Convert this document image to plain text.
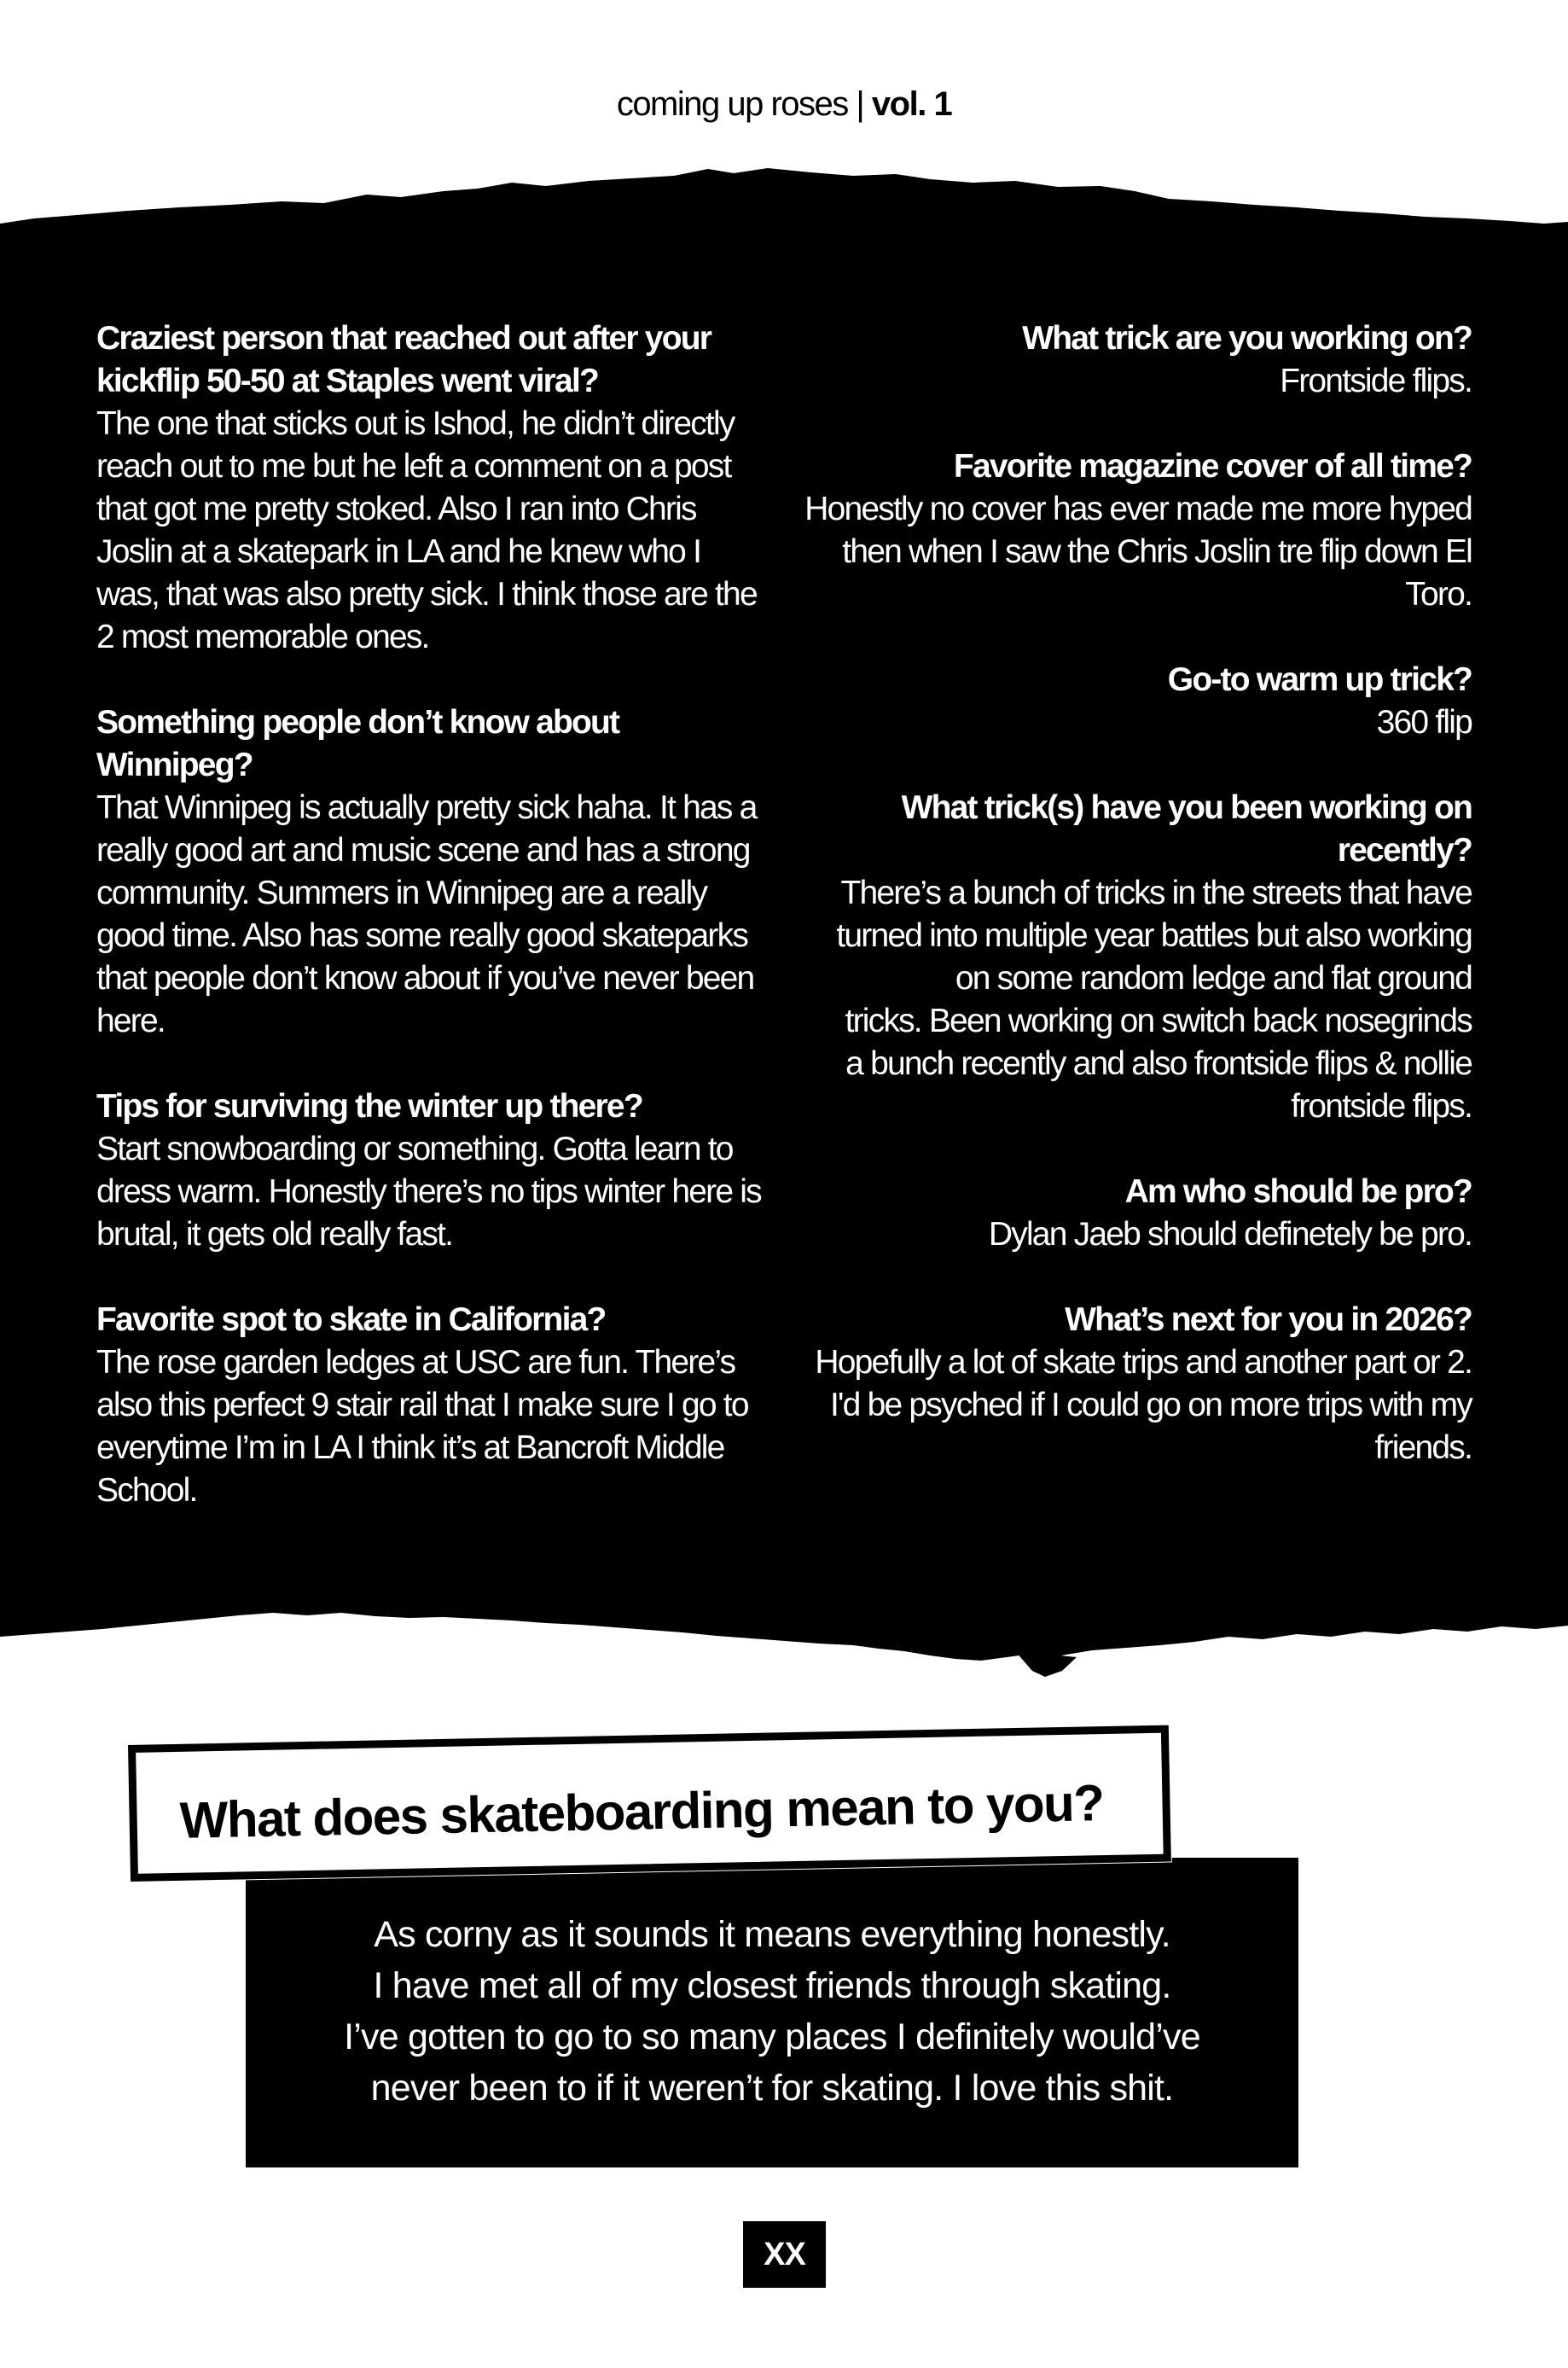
coming up roses | vol. 1
Craziest person that reached out after your kickflip 50-50 at Staples went viral?
The one that sticks out is Ishod, he didn’t directly reach out to me but he left a comment on a post that got me pretty stoked. Also I ran into Chris Joslin at a skatepark in LA and he knew who I was, that was also pretty sick. I think those are the 2 most memorable ones.
Something people don’t know about Winnipeg?
That Winnipeg is actually pretty sick haha. It has a really good art and music scene and has a strong community. Summers in Winnipeg are a really good time. Also has some really good skateparks that people don’t know about if you’ve never been here.
Tips for surviving the winter up there?
Start snowboarding or something. Gotta learn to dress warm. Honestly there’s no tips winter here is brutal, it gets old really fast.
Favorite spot to skate in California?
The rose garden ledges at USC are fun. There’s also this perfect 9 stair rail that I make sure I go to everytime I’m in LA I think it’s at Bancroft Middle School.
What trick are you working on?
Frontside flips.
Favorite magazine cover of all time?
Honestly no cover has ever made me more hyped then when I saw the Chris Joslin tre flip down El Toro.
Go-to warm up trick?
360 flip
What trick(s) have you been working on recently?
There’s a bunch of tricks in the streets that have turned into multiple year battles but also working on some random ledge and flat ground
tricks. Been working on switch back nosegrinds
a bunch recently and also frontside flips & nollie frontside flips.
Am who should be pro?
Dylan Jaeb should definetely be pro.
What’s next for you in 2026?
Hopefully a lot of skate trips and another part or 2. I'd be psyched if I could go on more trips with my friends.
What does skateboarding mean to you?

As corny as it sounds it means everything honestly.
I have met all of my closest friends through skating.
I’ve gotten to go to so many places I definitely would’ve
never been to if it weren’t for skating. I love this shit.

XX
